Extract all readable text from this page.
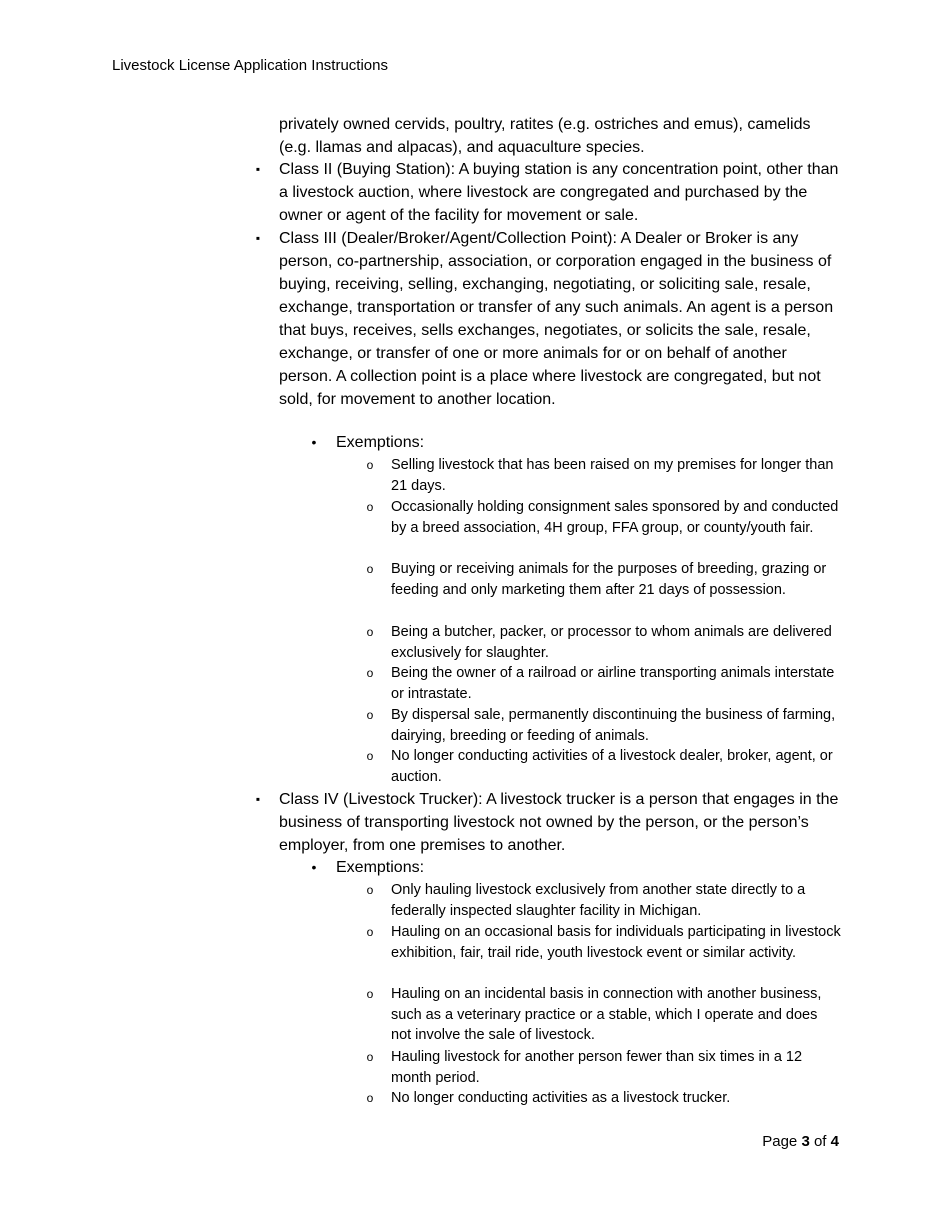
Livestock License Application Instructions
privately owned cervids, poultry, ratites (e.g. ostriches and emus), camelids (e.g. llamas and alpacas), and aquaculture species.
▪ Class II (Buying Station): A buying station is any concentration point, other than a livestock auction, where livestock are congregated and purchased by the owner or agent of the facility for movement or sale.
▪ Class III (Dealer/Broker/Agent/Collection Point): A Dealer or Broker is any person, co-partnership, association, or corporation engaged in the business of buying, receiving, selling, exchanging, negotiating, or soliciting sale, resale, exchange, transportation or transfer of any such animals. An agent is a person that buys, receives, sells exchanges, negotiates, or solicits the sale, resale, exchange, or transfer of one or more animals for or on behalf of another person. A collection point is a place where livestock are congregated, but not sold, for movement to another location.
• Exemptions:
o Selling livestock that has been raised on my premises for longer than 21 days.
o Occasionally holding consignment sales sponsored by and conducted by a breed association, 4H group, FFA group, or county/youth fair.
o Buying or receiving animals for the purposes of breeding, grazing or feeding and only marketing them after 21 days of possession.
o Being a butcher, packer, or processor to whom animals are delivered exclusively for slaughter.
o Being the owner of a railroad or airline transporting animals interstate or intrastate.
o By dispersal sale, permanently discontinuing the business of farming, dairying, breeding or feeding of animals.
o No longer conducting activities of a livestock dealer, broker, agent, or auction.
▪ Class IV (Livestock Trucker): A livestock trucker is a person that engages in the business of transporting livestock not owned by the person, or the person’s employer, from one premises to another.
• Exemptions:
o Only hauling livestock exclusively from another state directly to a federally inspected slaughter facility in Michigan.
o Hauling on an occasional basis for individuals participating in livestock exhibition, fair, trail ride, youth livestock event or similar activity.
o Hauling on an incidental basis in connection with another business, such as a veterinary practice or a stable, which I operate and does not involve the sale of livestock.
o Hauling livestock for another person fewer than six times in a 12 month period.
o No longer conducting activities as a livestock trucker.
Page 3 of 4
